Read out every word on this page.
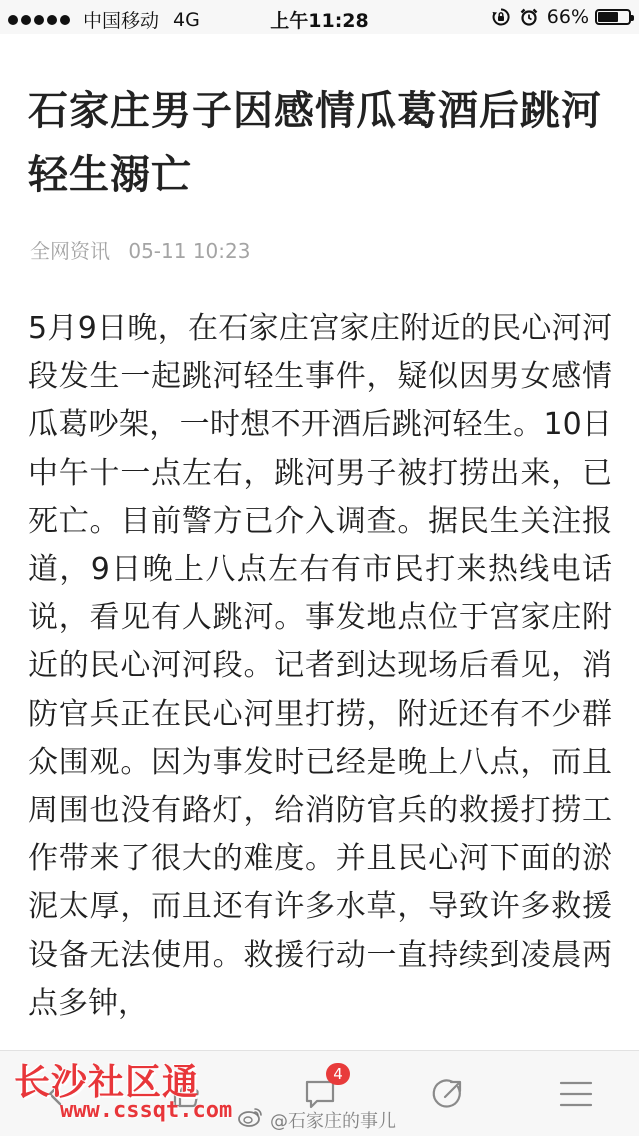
中国移动 4G	上午11:28	66%
石家庄男子因感情瓜葛酒后跳河轻生溺亡
全网资讯 05-11 10:23

5月9日晚，在石家庄宫家庄附近的民心河河段发生一起跳河轻生事件，疑似因男女感情瓜葛吵架，一时想不开酒后跳河轻生。10日中午十一点左右，跳河男子被打捞出来，已死亡。目前警方已介入调查。据民生关注报道，9日晚上八点左右有市民打来热线电话说，看见有人跳河。事发地点位于宫家庄附近的民心河河段。记者到达现场后看见，消防官兵正在民心河里打捞，附近还有不少群众围观。因为事发时已经是晚上八点，而且周围也没有路灯，给消防官兵的救援打捞工作带来了很大的难度。并且民心河下面的淤泥太厚，而且还有许多水草，导致许多救援设备无法使用。救援行动一直持续到凌晨两点多钟，

4
长沙社区通
www.cssqt.com @石家庄的事儿
